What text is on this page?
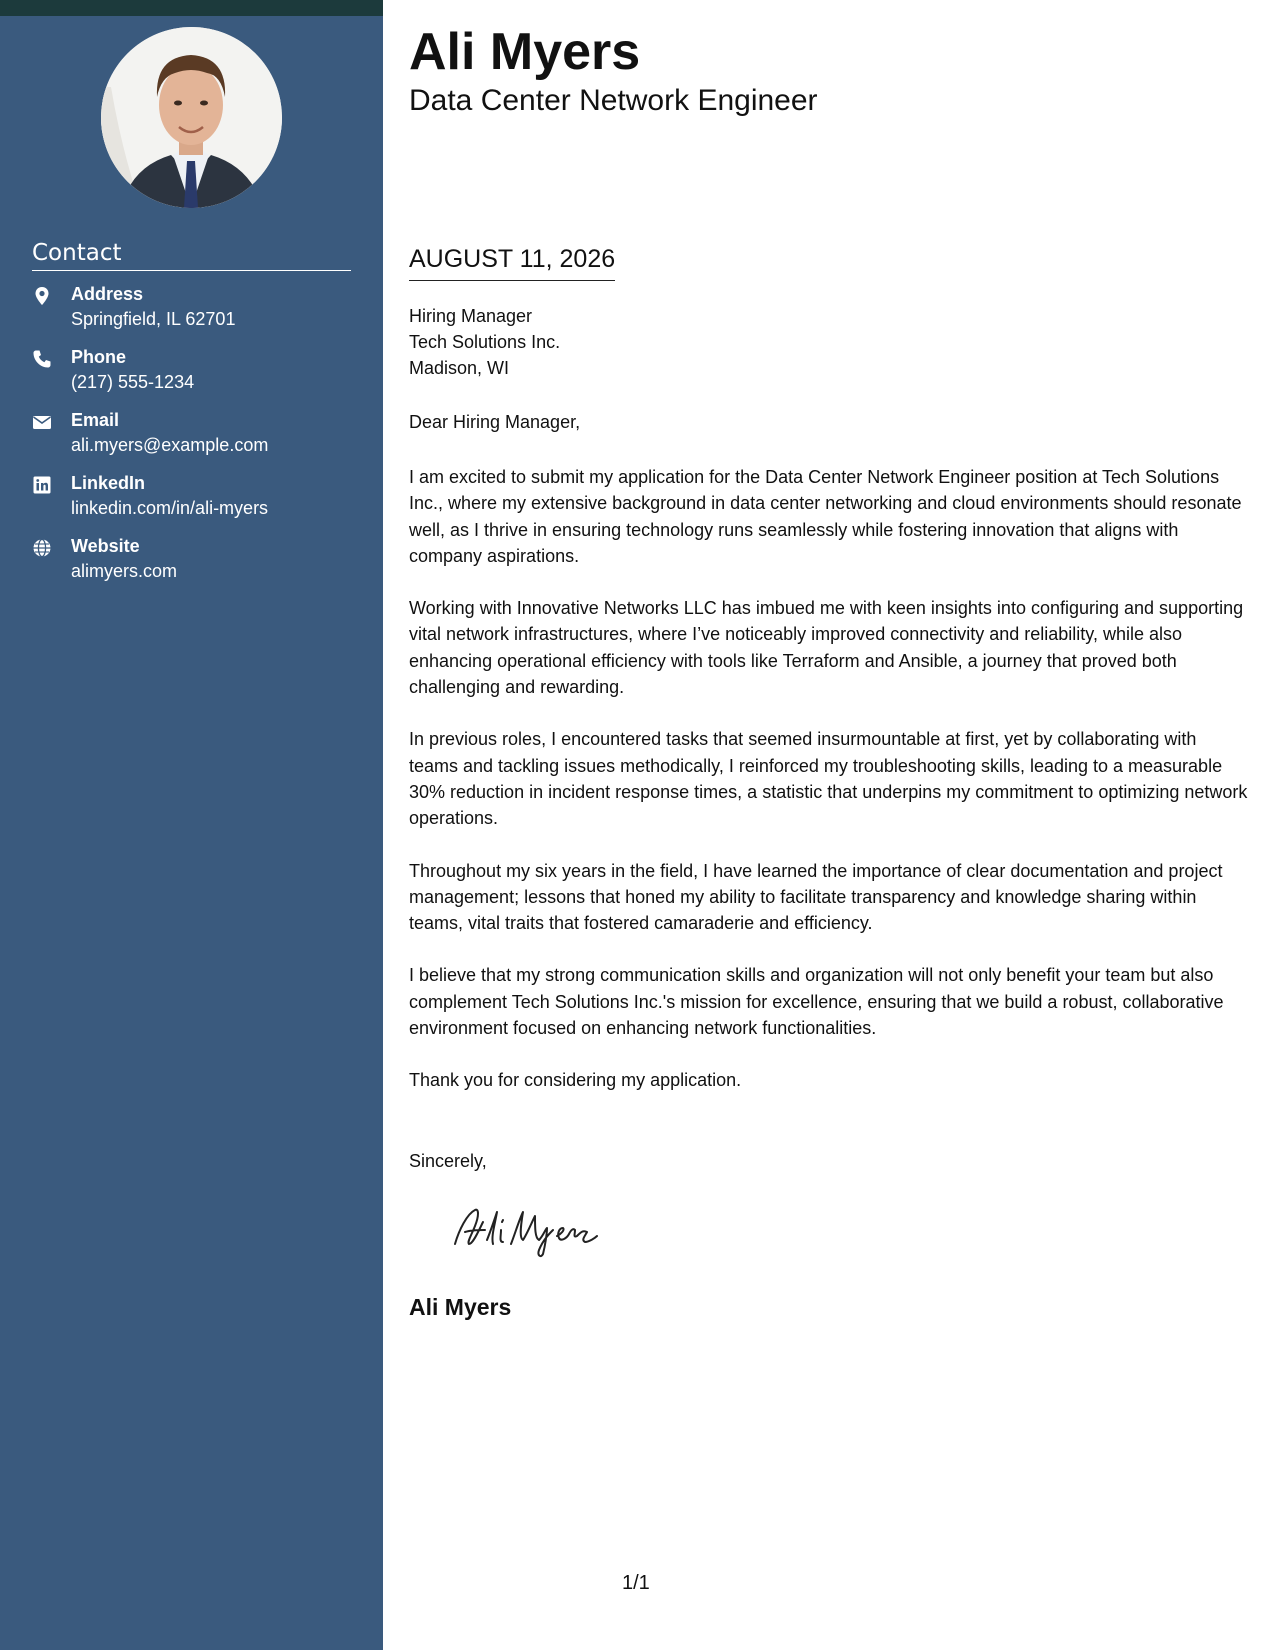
Contact
Address
Springfield, IL 62701
Phone
(217) 555-1234
Email
ali.myers@example.com
LinkedIn
linkedin.com/in/ali-myers
Website
alimyers.com
Ali Myers
Data Center Network Engineer
AUGUST 11, 2026
Hiring Manager
Tech Solutions Inc.
Madison, WI
Dear Hiring Manager,

I am excited to submit my application for the Data Center Network Engineer position at Tech Solutions Inc., where my extensive background in data center networking and cloud environments should resonate well, as I thrive in ensuring technology runs seamlessly while fostering innovation that aligns with company aspirations.

Working with Innovative Networks LLC has imbued me with keen insights into configuring and supporting vital network infrastructures, where I’ve noticeably improved connectivity and reliability, while also enhancing operational efficiency with tools like Terraform and Ansible, a journey that proved both challenging and rewarding.

In previous roles, I encountered tasks that seemed insurmountable at first, yet by collaborating with teams and tackling issues methodically, I reinforced my troubleshooting skills, leading to a measurable 30% reduction in incident response times, a statistic that underpins my commitment to optimizing network operations.

Throughout my six years in the field, I have learned the importance of clear documentation and project management; lessons that honed my ability to facilitate transparency and knowledge sharing within teams, vital traits that fostered camaraderie and efficiency.

I believe that my strong communication skills and organization will not only benefit your team but also complement Tech Solutions Inc.'s mission for excellence, ensuring that we build a robust, collaborative environment focused on enhancing network functionalities.

Thank you for considering my application.

Sincerely,
Ali Myers
1/1
